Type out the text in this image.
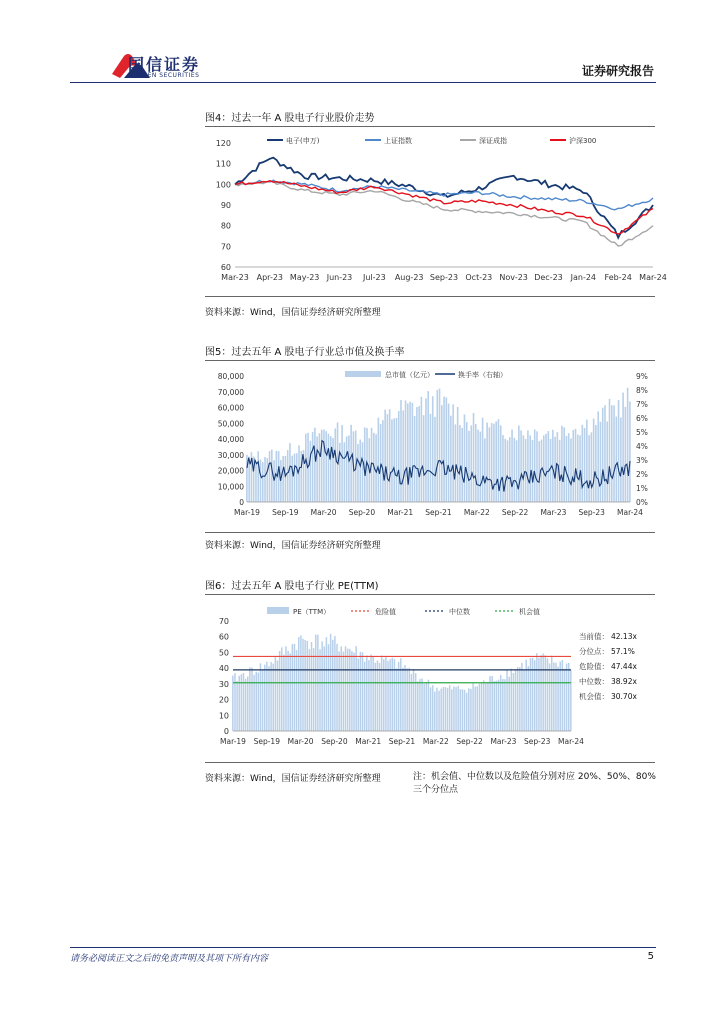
国信证券
GUOSEN SECURITIES	证券研究报告
图4：过去一年 A 股电子行业股价走势
60
70
80
90
100
110
120
Mar-23 Apr-23 May-23 Jun-23 Jul-23 Aug-23 Sep-23 Oct-23 Nov-23 Dec-23 Jan-24 Feb-24 Mar-24
电子(申万)	上证指数	深证成指	沪深300
资料来源：Wind，国信证券经济研究所整理
图5：过去五年 A 股电子行业总市值及换手率
0
10,000
20,000
30,000
40,000
50,000
60,000
70,000
80,000
0%
1%
2%
3%
4%
5%
6%
7%
8%
9%
Mar-19 Sep-19 Mar-20 Sep-20 Mar-21 Sep-21 Mar-22 Sep-22 Mar-23 Sep-23 Mar-24
总市值（亿元）	换手率（右轴）
资料来源：Wind，国信证券经济研究所整理
图6：过去五年 A 股电子行业 PE(TTM)
0
10
20
30
40
50
60
70
Mar-19 Sep-19 Mar-20 Sep-20 Mar-21 Sep-21 Mar-22 Sep-22 Mar-23 Sep-23 Mar-24
PE（TTM）	危险值	中位数	机会值
当前值： 42.13x
分位点： 57.1%
危险值： 47.44x
中位数： 38.92x
机会值： 30.70x
资料来源：Wind，国信证券经济研究所整理	注：机会值、中位数以及危险值分别对应 20%、50%、80%三个分位点
请务必阅读正文之后的免责声明及其项下所有内容	5
